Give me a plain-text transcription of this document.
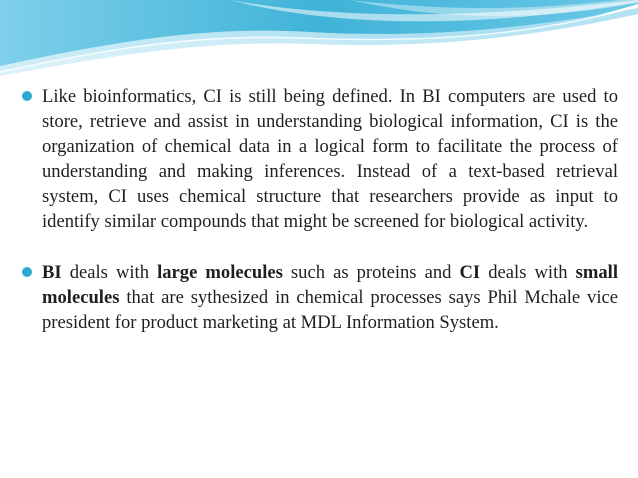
Like bioinformatics, CI is still being defined. In BI computers are used to store, retrieve and assist in understanding biological information, CI is the organization of chemical data in a logical form to facilitate the process of understanding and making inferences. Instead of a text-based retrieval system, CI uses chemical structure that researchers provide as input to identify similar compounds that might be screened for biological activity.
BI deals with large molecules such as proteins and CI deals with small molecules that are sythesized in chemical processes says Phil Mchale vice president for product marketing at MDL Information System.
